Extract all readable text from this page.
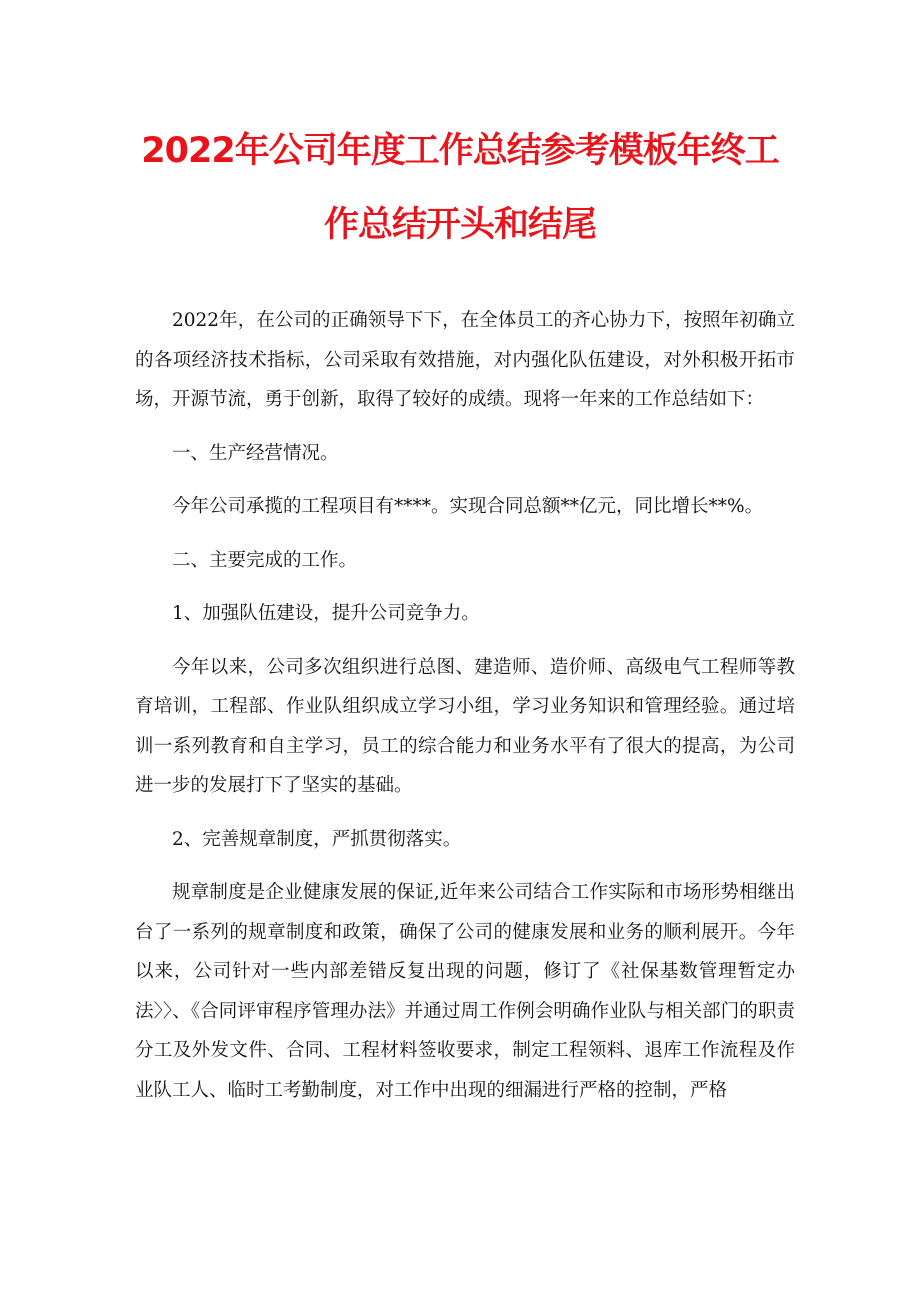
2022年公司年度工作总结参考模板年终工
作总结开头和结尾

2022年，在公司的正确领导下下，在全体员工的齐心协力下，按照年初确立的各项经济技术指标，公司采取有效措施，对内强化队伍建设，对外积极开拓市场，开源节流，勇于创新，取得了较好的成绩。现将一年来的工作总结如下：

一、生产经营情况。

今年公司承揽的工程项目有****。实现合同总额**亿元，同比增长**%。

二、主要完成的工作。

1、加强队伍建设，提升公司竞争力。

今年以来，公司多次组织进行总图、建造师、造价师、高级电气工程师等教育培训，工程部、作业队组织成立学习小组，学习业务知识和管理经验。通过培训一系列教育和自主学习，员工的综合能力和业务水平有了很大的提高，为公司进一步的发展打下了坚实的基础。

2、完善规章制度，严抓贯彻落实。

规章制度是企业健康发展的保证,近年来公司结合工作实际和市场形势相继出台了一系列的规章制度和政策，确保了公司的健康发展和业务的顺利展开。今年以来，公司针对一些内部差错反复出现的问题，修订了《社保基数管理暂定办法〉〉、《合同评审程序管理办法》并通过周工作例会明确作业队与相关部门的职责分工及外发文件、合同、工程材料签收要求，制定工程领料、退库工作流程及作业队工人、临时工考勤制度，对工作中出现的细漏进行严格的控制，严格
